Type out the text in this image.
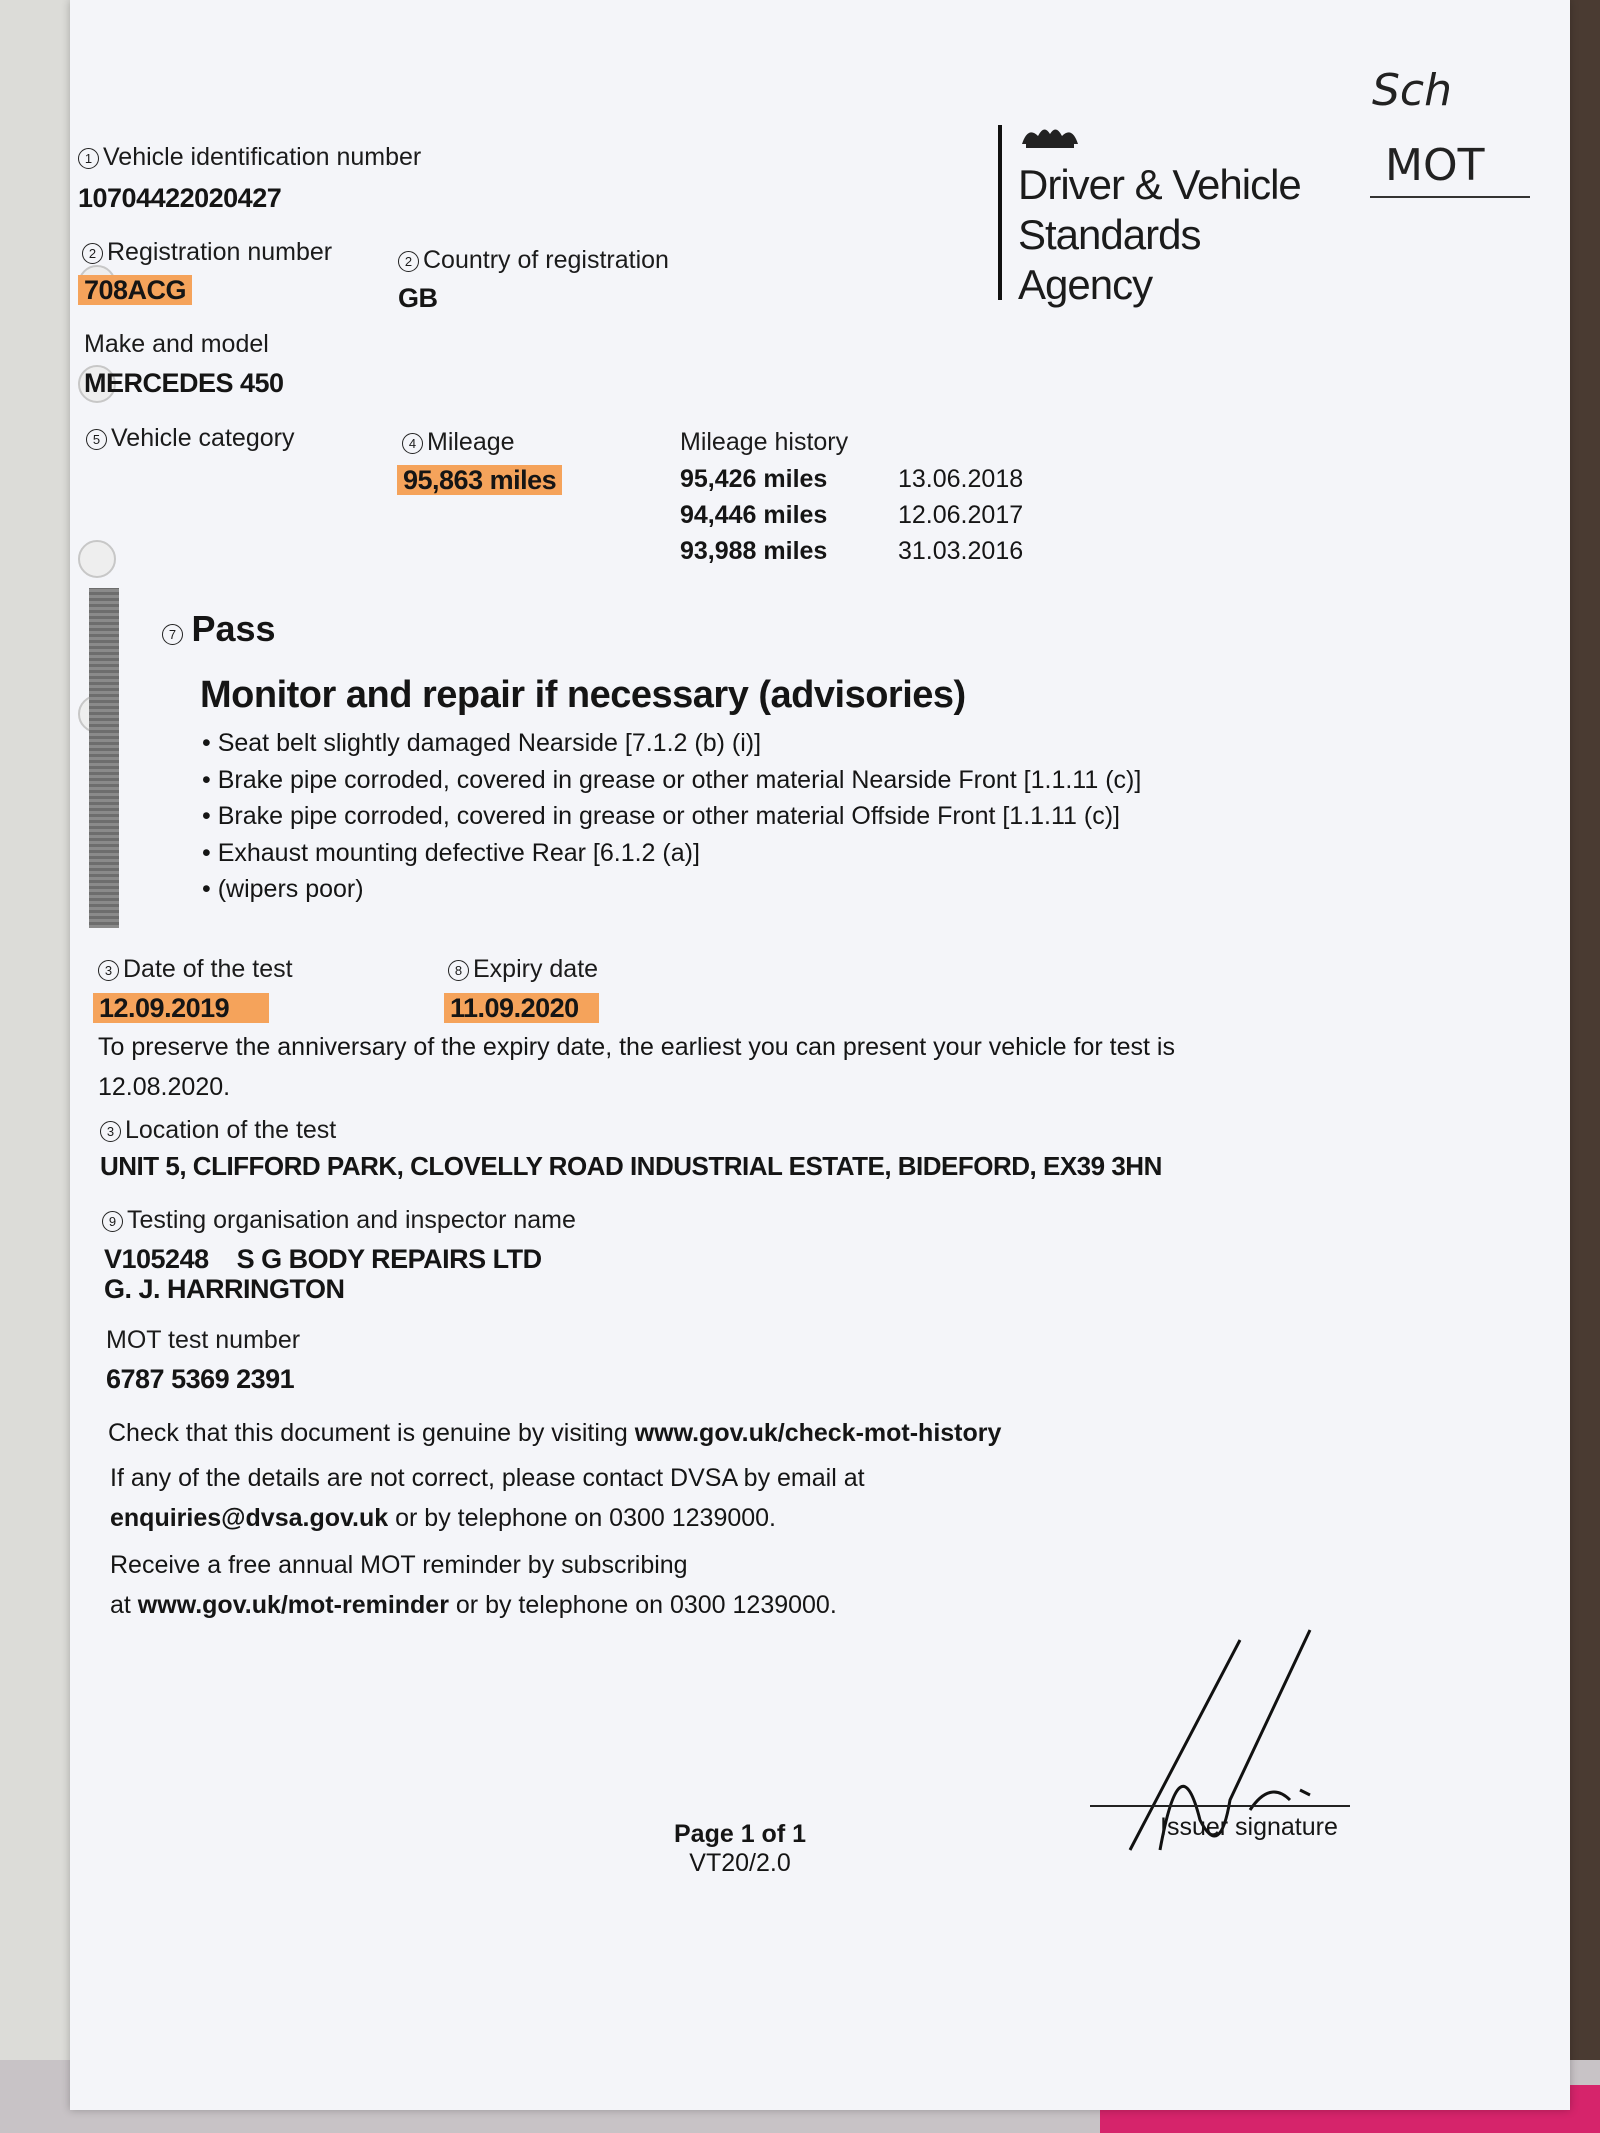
1 Vehicle identification number
10704422020427
2 Registration number
708ACG
2 Country of registration
GB
Make and model
MERCEDES 450
5 Vehicle category	4 Mileage
95,863 miles
Mileage history
95,426 miles	13.06.2018
94,446 miles	12.06.2017
93,988 miles	31.03.2016
Driver & Vehicle
Standards
Agency
Sch
MOT
7 Pass
Monitor and repair if necessary (advisories)
• Seat belt slightly damaged Nearside [7.1.2 (b) (i)]
• Brake pipe corroded, covered in grease or other material Nearside Front [1.1.11 (c)]
• Brake pipe corroded, covered in grease or other material Offside Front [1.1.11 (c)]
• Exhaust mounting defective Rear [6.1.2 (a)]
• (wipers poor)
3 Date of the test
12.09.2019
8 Expiry date
11.09.2020
To preserve the anniversary of the expiry date, the earliest you can present your vehicle for test is
12.08.2020.
3 Location of the test
UNIT 5, CLIFFORD PARK, CLOVELLY ROAD INDUSTRIAL ESTATE, BIDEFORD, EX39 3HN
9 Testing organisation and inspector name
V105248    S G BODY REPAIRS LTD
G. J. HARRINGTON
MOT test number
6787 5369 2391
Check that this document is genuine by visiting www.gov.uk/check-mot-history
If any of the details are not correct, please contact DVSA by email at
enquiries@dvsa.gov.uk or by telephone on 0300 1239000.
Receive a free annual MOT reminder by subscribing
at www.gov.uk/mot-reminder or by telephone on 0300 1239000.
Issuer signature
Page 1 of 1
VT20/2.0
